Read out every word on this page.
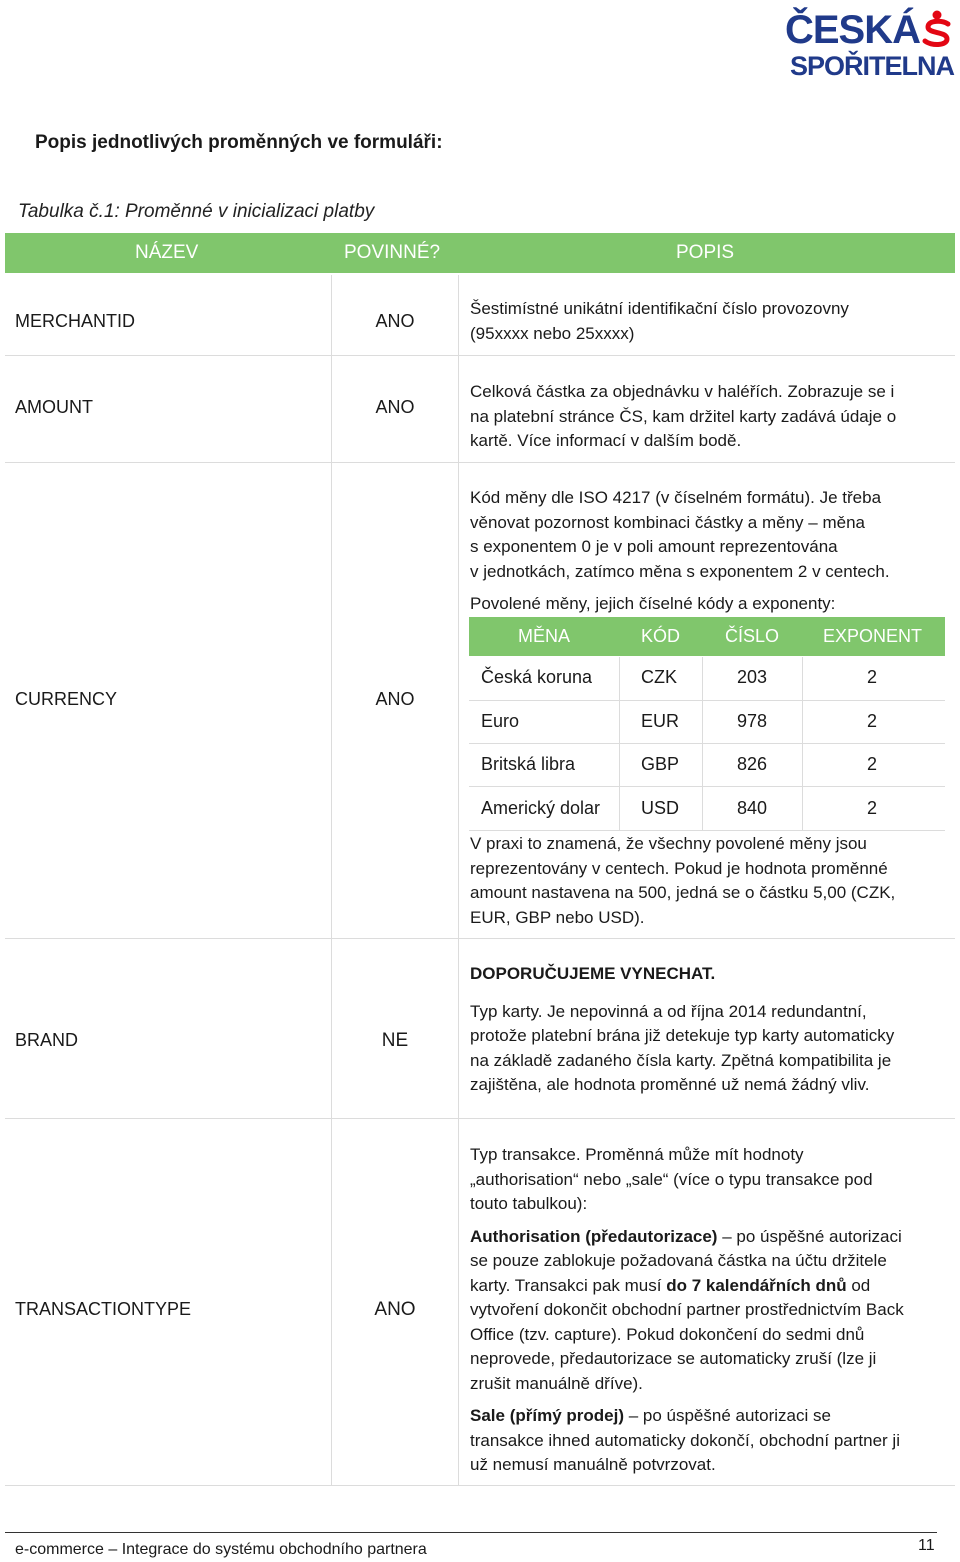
ČESKÁ
SPOŘITELNA
Popis jednotlivých proměnných ve formuláři:
Tabulka č.1: Proměnné v inicializaci platby
NÁZEV	POVINNÉ?	POPIS
MERCHANTID	ANO

Šestimístné unikátní identifikační číslo provozovny

(95xxxx nebo 25xxxx)

AMOUNT	ANO

Celková částka za objednávku v haléřích. Zobrazuje se i

na platební stránce ČS, kam držitel karty zadává údaje o

kartě. Více informací v dalším bodě.

CURRENCY	ANO

Kód měny dle ISO 4217 (v číselném formátu). Je třeba

věnovat pozornost kombinaci částky a měny – měna

s exponentem 0 je v poli amount reprezentována

v jednotkách, zatímco měna s exponentem 2 v centech.

Povolené měny, jejich číselné kódy a exponenty:

MĚNA	KÓD ČÍSLO EXPONENT
Česká koruna	CZK	203	2
Euro	EUR	978	2
Britská libra	GBP	826	2
Americký dolar USD	840	2

V praxi to znamená, že všechny povolené měny jsou

reprezentovány v centech. Pokud je hodnota proměnné

amount nastavena na 500, jedná se o částku 5,00 (CZK,

EUR, GBP nebo USD).

BRAND	NE

DOPORUČUJEME VYNECHAT.

Typ karty. Je nepovinná a od října 2014 redundantní,

protože platební brána již detekuje typ karty automaticky

na základě zadaného čísla karty. Zpětná kompatibilita je

zajištěna, ale hodnota proměnné už nemá žádný vliv.

TRANSACTIONTYPE	ANO

Typ transakce. Proměnná může mít hodnoty

„authorisation“ nebo „sale“ (více o typu transakce pod

touto tabulkou):

Authorisation (předautorizace) – po úspěšné autorizaci

se pouze zablokuje požadovaná částka na účtu držitele

karty. Transakci pak musí do 7 kalendářních dnů od

vytvoření dokončit obchodní partner prostřednictvím Back

Office (tzv. capture). Pokud dokončení do sedmi dnů

neprovede, předautorizace se automaticky zruší (lze ji

zrušit manuálně dříve).

Sale (přímý prodej) – po úspěšné autorizaci se

transakce ihned automaticky dokončí, obchodní partner ji

už nemusí manuálně potvrzovat.

e-commerce – Integrace do systému obchodního partnera	11
